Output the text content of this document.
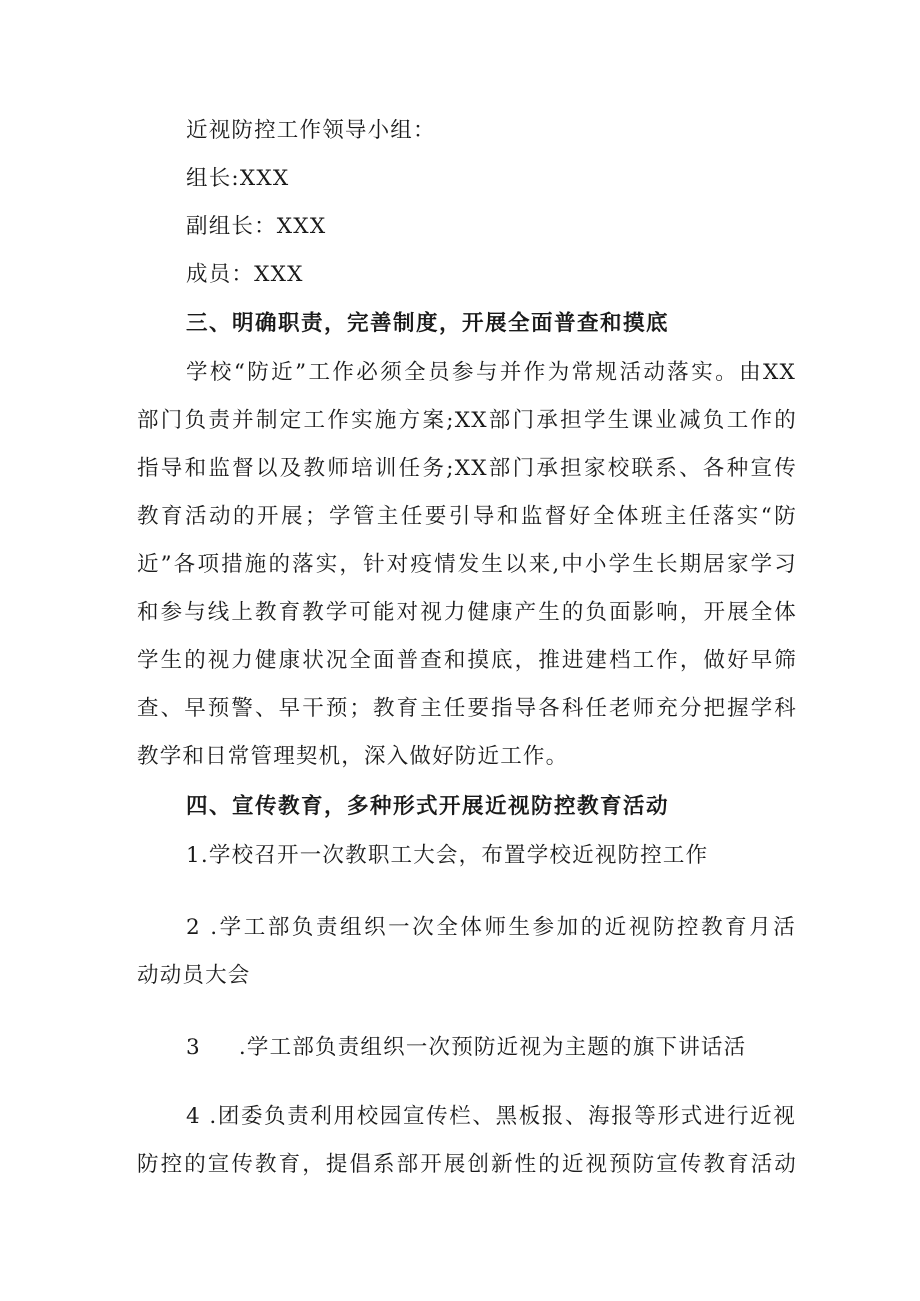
近视防控工作领导小组：
组长:XXX
副组长：XXX
成员：XXX
三、明确职责，完善制度，开展全面普查和摸底
学校“防近”工作必须全员参与并作为常规活动落实。由XX
部门负责并制定工作实施方案;XX部门承担学生课业减负工作的
指导和监督以及教师培训任务;XX部门承担家校联系、各种宣传
教育活动的开展；学管主任要引导和监督好全体班主任落实“防
近”各项措施的落实，针对疫情发生以来,中小学生长期居家学习
和参与线上教育教学可能对视力健康产生的负面影响，开展全体
学生的视力健康状况全面普查和摸底，推进建档工作，做好早筛
查、早预警、早干预；教育主任要指导各科任老师充分把握学科
教学和日常管理契机，深入做好防近工作。
四、宣传教育，多种形式开展近视防控教育活动
1.学校召开一次教职工大会，布置学校近视防控工作
2 .学工部负责组织一次全体师生参加的近视防控教育月活
动动员大会
3 .学工部负责组织一次预防近视为主题的旗下讲话活
4 .团委负责利用校园宣传栏、黑板报、海报等形式进行近视
防控的宣传教育，提倡系部开展创新性的近视预防宣传教育活动
